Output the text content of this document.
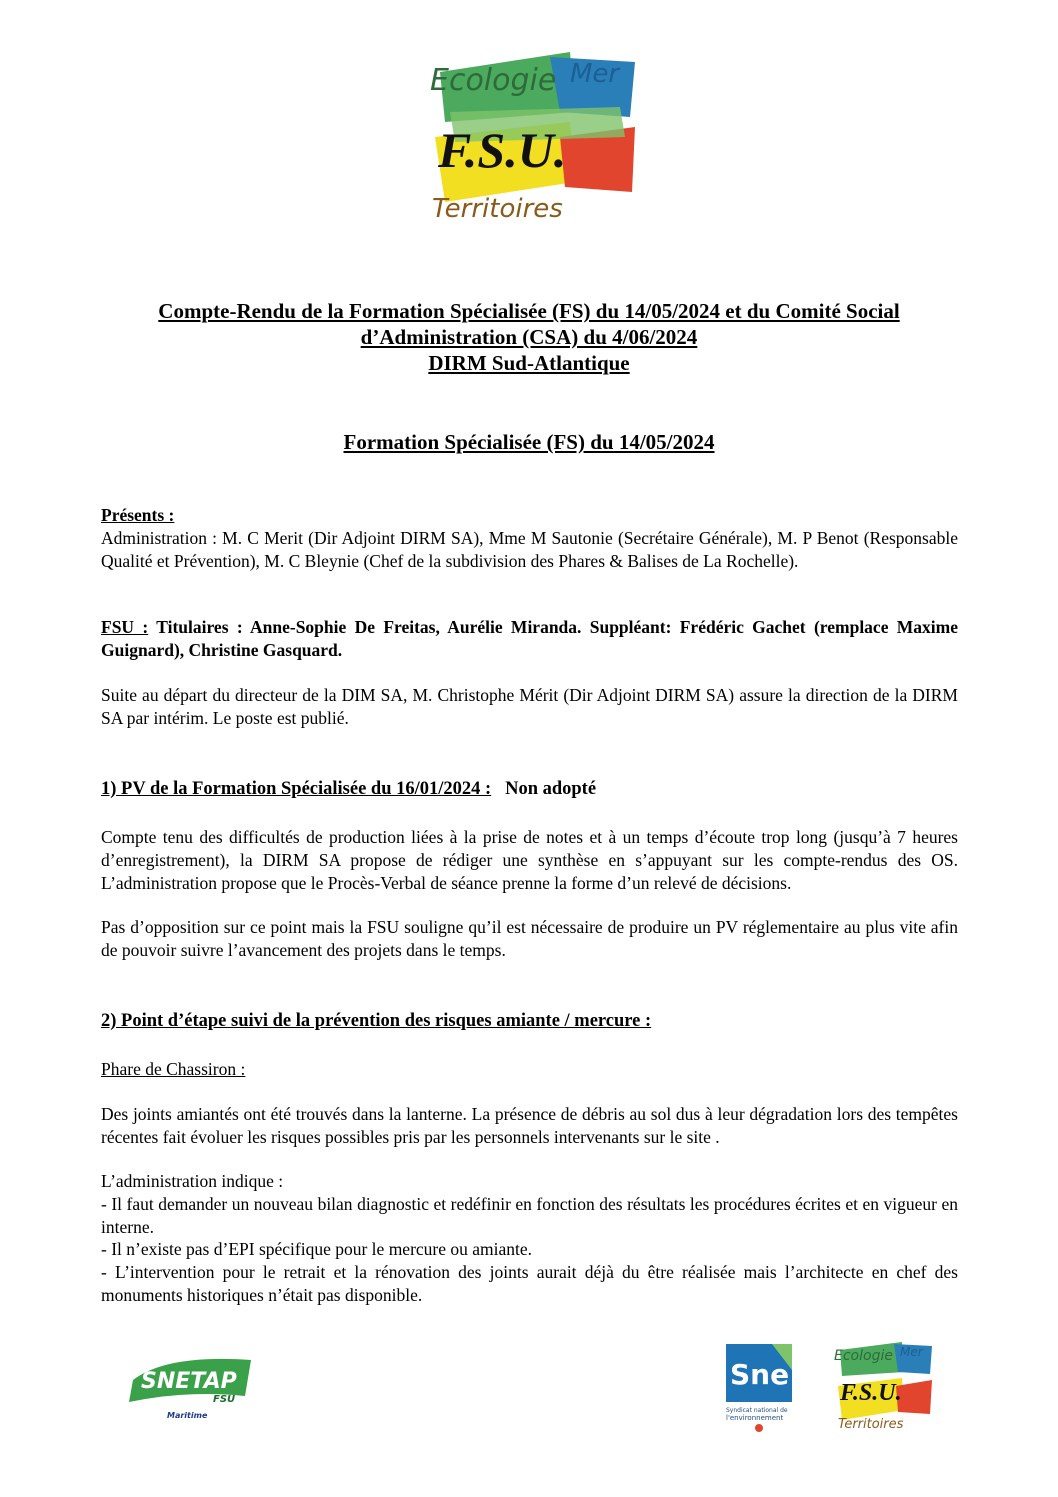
Ecologie Mer
F.S.U.
Territoires
Compte-Rendu de la Formation Spécialisée (FS) du 14/05/2024 et du Comité Social
d’Administration (CSA) du 4/06/2024
DIRM Sud-Atlantique
Formation Spécialisée (FS) du 14/05/2024
Présents :
Administration : M. C Merit (Dir Adjoint DIRM SA), Mme M Sautonie (Secrétaire Générale), M. P Benot (Responsable Qualité et Prévention), M. C Bleynie (Chef de la subdivision des Phares & Balises de La Rochelle).
FSU : Titulaires : Anne-Sophie De Freitas, Aurélie Miranda. Suppléant: Frédéric Gachet (remplace Maxime Guignard), Christine Gasquard.
Suite au départ du directeur de la DIM SA, M. Christophe Mérit (Dir Adjoint DIRM SA) assure la direction de la DIRM SA par intérim. Le poste est publié.
1) PV de la Formation Spécialisée du 16/01/2024 : Non adopté
Compte tenu des difficultés de production liées à la prise de notes et à un temps d’écoute trop long (jusqu’à 7 heures d’enregistrement), la DIRM SA propose de rédiger une synthèse en s’appuyant sur les compte-rendus des OS. L’administration propose que le Procès-Verbal de séance prenne la forme d’un relevé de décisions.
Pas d’opposition sur ce point mais la FSU souligne qu’il est nécessaire de produire un PV réglementaire au plus vite afin de pouvoir suivre l’avancement des projets dans le temps.
2) Point d’étape suivi de la prévention des risques amiante / mercure :
Phare de Chassiron :
Des joints amiantés ont été trouvés dans la lanterne. La présence de débris au sol dus à leur dégradation lors des tempêtes récentes fait évoluer les risques possibles pris par les personnels intervenants sur le site .
L’administration indique :
- Il faut demander un nouveau bilan diagnostic et redéfinir en fonction des résultats les procédures écrites et en vigueur en interne.
- Il n’existe pas d’EPI spécifique pour le mercure ou amiante.
- L’intervention pour le retrait et la rénovation des joints aurait déjà du être réalisée mais l’architecte en chef des monuments historiques n’était pas disponible.
SNETAP
FSU
Maritime
Sne
Syndicat national de
l'environnement
Ecologie Mer
F.S.U.
Territoires
